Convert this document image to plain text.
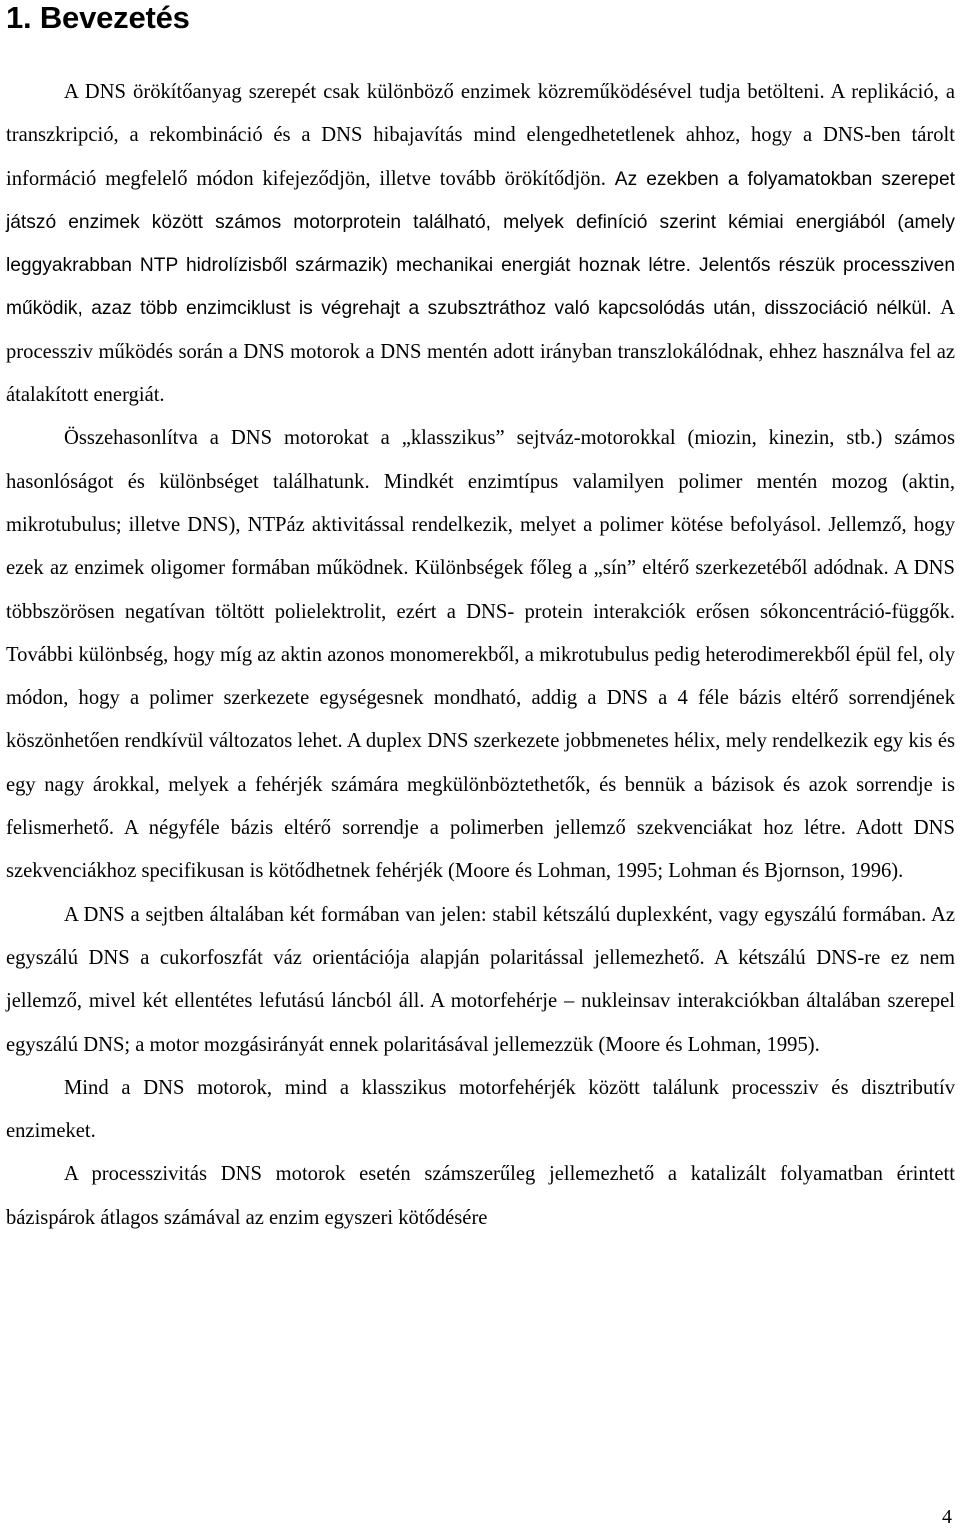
1. Bevezetés

A DNS örökítőanyag szerepét csak különböző enzimek közreműködésével tudja betölteni. A replikáció, a transzkripció, a rekombináció és a DNS hibajavítás mind elengedhetetlenek ahhoz, hogy a DNS-ben tárolt információ megfelelő módon kifejeződjön, illetve tovább örökítődjön. Az ezekben a folyamatokban szerepet játszó enzimek között számos motorprotein található, melyek definíció szerint kémiai energiából (amely leggyakrabban NTP hidrolízisből származik) mechanikai energiát hoznak létre. Jelentős részük processziven működik, azaz több enzimciklust is végrehajt a szubsztráthoz való kapcsolódás után, disszociáció nélkül. A processziv működés során a DNS motorok a DNS mentén adott irányban transzlokálódnak, ehhez használva fel az átalakított energiát.

Összehasonlítva a DNS motorokat a „klasszikus” sejtváz-motorokkal (miozin, kinezin, stb.) számos hasonlóságot és különbséget találhatunk. Mindkét enzimtípus valamilyen polimer mentén mozog (aktin, mikrotubulus; illetve DNS), NTPáz aktivitással rendelkezik, melyet a polimer kötése befolyásol. Jellemző, hogy ezek az enzimek oligomer formában működnek. Különbségek főleg a „sín” eltérő szerkezetéből adódnak. A DNS többszörösen negatívan töltött polielektrolit, ezért a DNS- protein interakciók erősen sókoncentráció-függők. További különbség, hogy míg az aktin azonos monomerekből, a mikrotubulus pedig heterodimerekből épül fel, oly módon, hogy a polimer szerkezete egységesnek mondható, addig a DNS a 4 féle bázis eltérő sorrendjének köszönhetően rendkívül változatos lehet. A duplex DNS szerkezete jobbmenetes hélix, mely rendelkezik egy kis és egy nagy árokkal, melyek a fehérjék számára megkülönböztethetők, és bennük a bázisok és azok sorrendje is felismerhető. A négyféle bázis eltérő sorrendje a polimerben jellemző szekvenciákat hoz létre. Adott DNS szekvenciákhoz specifikusan is kötődhetnek fehérjék (Moore és Lohman, 1995; Lohman és Bjornson, 1996).

A DNS a sejtben általában két formában van jelen: stabil kétszálú duplexként, vagy egyszálú formában. Az egyszálú DNS a cukorfoszfát váz orientációja alapján polaritással jellemezhető. A kétszálú DNS-re ez nem jellemző, mivel két ellentétes lefutású láncból áll. A motorfehérje – nukleinsav interakciókban általában szerepel egyszálú DNS; a motor mozgásirányát ennek polaritásával jellemezzük (Moore és Lohman, 1995).

Mind a DNS motorok, mind a klasszikus motorfehérjék között találunk processziv és disztributív enzimeket.

A processzivitás DNS motorok esetén számszerűleg jellemezhető a katalizált folyamatban érintett bázispárok átlagos számával az enzim egyszeri kötődésére

4
